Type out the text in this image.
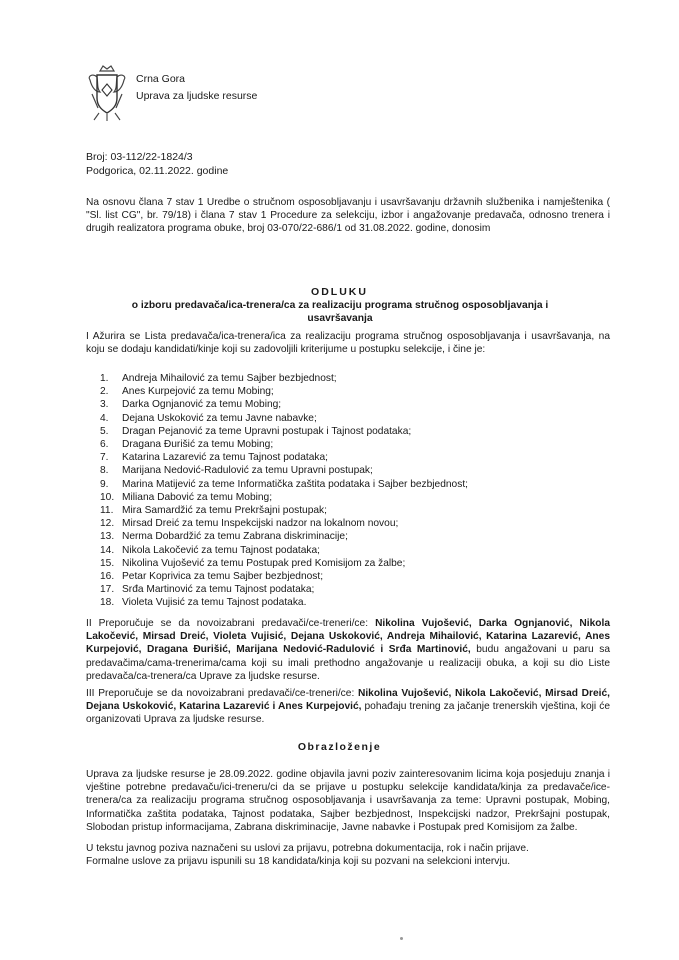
Crna Gora
Uprava za ljudske resurse
Broj: 03-112/22-1824/3
Podgorica, 02.11.2022. godine
Na osnovu člana 7 stav 1 Uredbe o stručnom osposobljavanju i usavršavanju državnih službenika i namještenika ( "Sl. list CG", br. 79/18) i člana 7 stav 1 Procedure za selekciju, izbor i angažovanje predavača, odnosno trenera i drugih realizatora programa obuke, broj 03-070/22-686/1 od 31.08.2022. godine, donosim
ODLUKU
o izboru predavača/ica-trenera/ca za realizaciju programa stručnog osposobljavanja i usavršavanja
I Ažurira se Lista predavača/ica-trenera/ica za realizaciju programa stručnog osposobljavanja i usavršavanja, na koju se dodaju kandidati/kinje koji su zadovoljili kriterijume u postupku selekcije, i čine je:
1.	Andreja Mihailović za temu Sajber bezbjednost;
2.	Anes Kurpejović za temu Mobing;
3.	Darka Ognjanović za temu Mobing;
4.	Dejana Uskoković za temu Javne nabavke;
5.	Dragan Pejanović za teme Upravni postupak i Tajnost podataka;
6.	Dragana Đurišić za temu Mobing;
7.	Katarina Lazarević za temu Tajnost podataka;
8.	Marijana Nedović-Radulović za temu Upravni postupak;
9.	Marina Matijević za teme Informatička zaštita podataka i Sajber bezbjednost;
10. Miliana Dabović za temu Mobing;
11. Mira Samardžić za temu Prekršajni postupak;
12. Mirsad Dreić za temu Inspekcijski nadzor na lokalnom novou;
13. Nerma Dobardžić za temu Zabrana diskriminacije;
14. Nikola Lakočević za temu Tajnost podataka;
15. Nikolina Vujošević za temu Postupak pred Komisijom za žalbe;
16. Petar Koprivica za temu Sajber bezbjednost;
17. Srđa Martinović za temu Tajnost podataka;
18. Violeta Vujisić za temu Tajnost podataka.
II Preporučuje se da novoizabrani predavači/ce-treneri/ce: Nikolina Vujošević, Darka Ognjanović, Nikola Lakočević, Mirsad Dreić, Violeta Vujisić, Dejana Uskoković, Andreja Mihailović, Katarina Lazarević, Anes Kurpejović, Dragana Đurišić, Marijana Nedović-Radulović i Srđa Martinović, budu angažovani u paru sa predavačima/cama-trenerima/cama koji su imali prethodno angažovanje u realizaciji obuka, a koji su dio Liste predavača/ca-trenera/ca Uprave za ljudske resurse.
III Preporučuje se da novoizabrani predavači/ce-treneri/ce: Nikolina Vujošević, Nikola Lakočević, Mirsad Dreić, Dejana Uskoković, Katarina Lazarević i Anes Kurpejović, pohađaju trening za jačanje trenerskih vještina, koji će organizovati Uprava za ljudske resurse.
Obrazloženje
Uprava za ljudske resurse je 28.09.2022. godine objavila javni poziv zainteresovanim licima koja posjeduju znanja i vještine potrebne predavaču/ici-treneru/ci da se prijave u postupku selekcije kandidata/kinja za predavače/ice-trenera/ca za realizaciju programa stručnog osposobljavanja i usavršavanja za teme: Upravni postupak, Mobing, Informatička zaštita podataka, Tajnost podataka, Sajber bezbjednost, Inspekcijski nadzor, Prekršajni postupak, Slobodan pristup informacijama, Zabrana diskriminacije, Javne nabavke i Postupak pred Komisijom za žalbe.
U tekstu javnog poziva naznačeni su uslovi za prijavu, potrebna dokumentacija, rok i način prijave.
Formalne uslove za prijavu ispunili su 18 kandidata/kinja koji su pozvani na selekcioni intervju.
